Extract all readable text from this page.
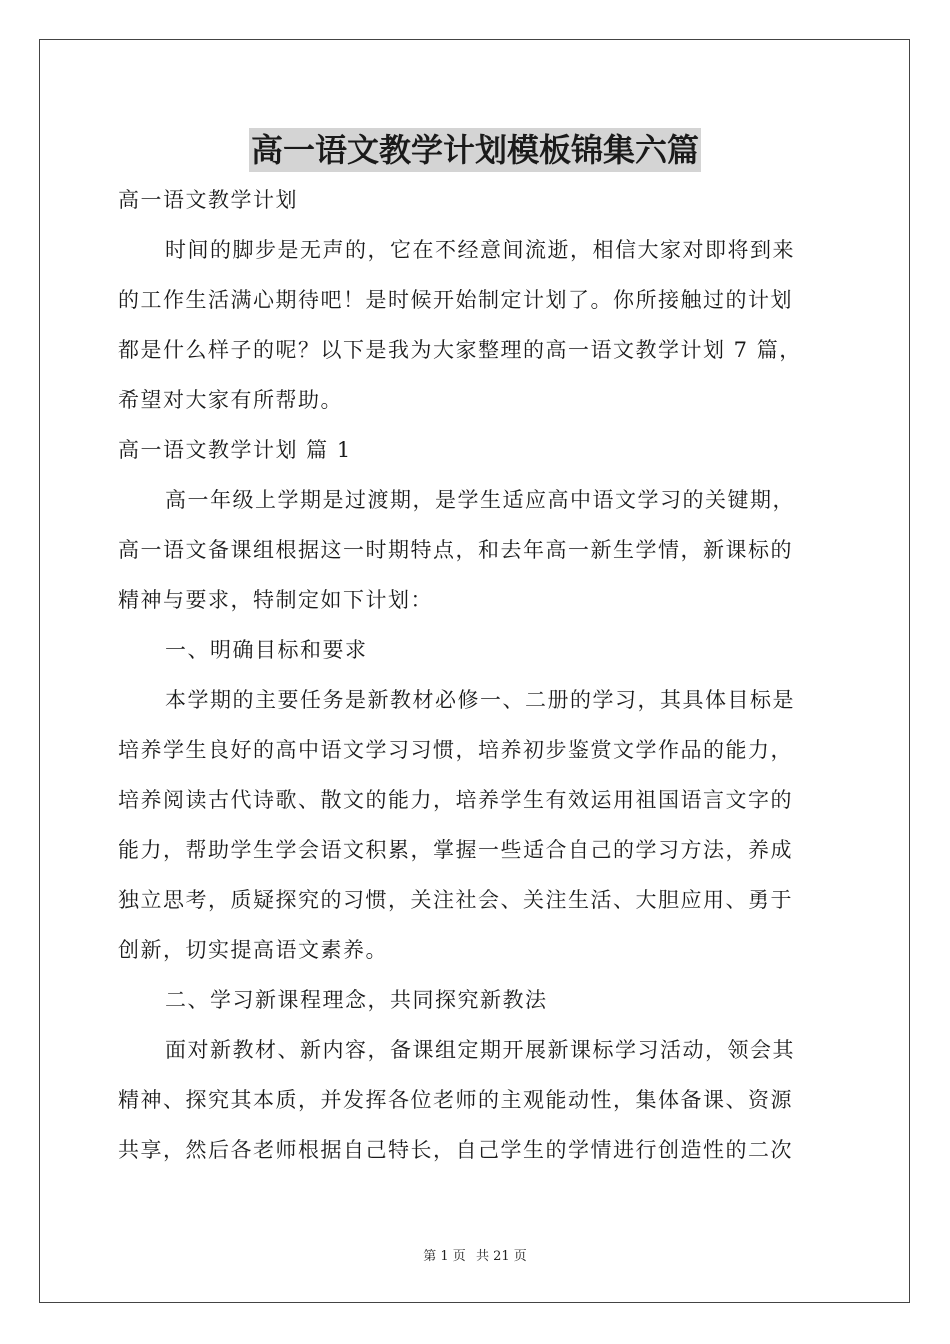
高一语文教学计划模板锦集六篇
高一语文教学计划
时间的脚步是无声的，它在不经意间流逝，相信大家对即将到来
的工作生活满心期待吧！是时候开始制定计划了。你所接触过的计划
都是什么样子的呢？以下是我为大家整理的高一语文教学计划 7 篇，
希望对大家有所帮助。
高一语文教学计划 篇 1
高一年级上学期是过渡期，是学生适应高中语文学习的关键期，
高一语文备课组根据这一时期特点，和去年高一新生学情，新课标的
精神与要求，特制定如下计划：
一、明确目标和要求
本学期的主要任务是新教材必修一、二册的学习，其具体目标是
培养学生良好的高中语文学习习惯，培养初步鉴赏文学作品的能力，
培养阅读古代诗歌、散文的能力，培养学生有效运用祖国语言文字的
能力，帮助学生学会语文积累，掌握一些适合自己的学习方法，养成
独立思考，质疑探究的习惯，关注社会、关注生活、大胆应用、勇于
创新，切实提高语文素养。
二、学习新课程理念，共同探究新教法
面对新教材、新内容，备课组定期开展新课标学习活动，领会其
精神、探究其本质，并发挥各位老师的主观能动性，集体备课、资源
共享，然后各老师根据自己特长，自己学生的学情进行创造性的二次
第 1 页 共 21 页
